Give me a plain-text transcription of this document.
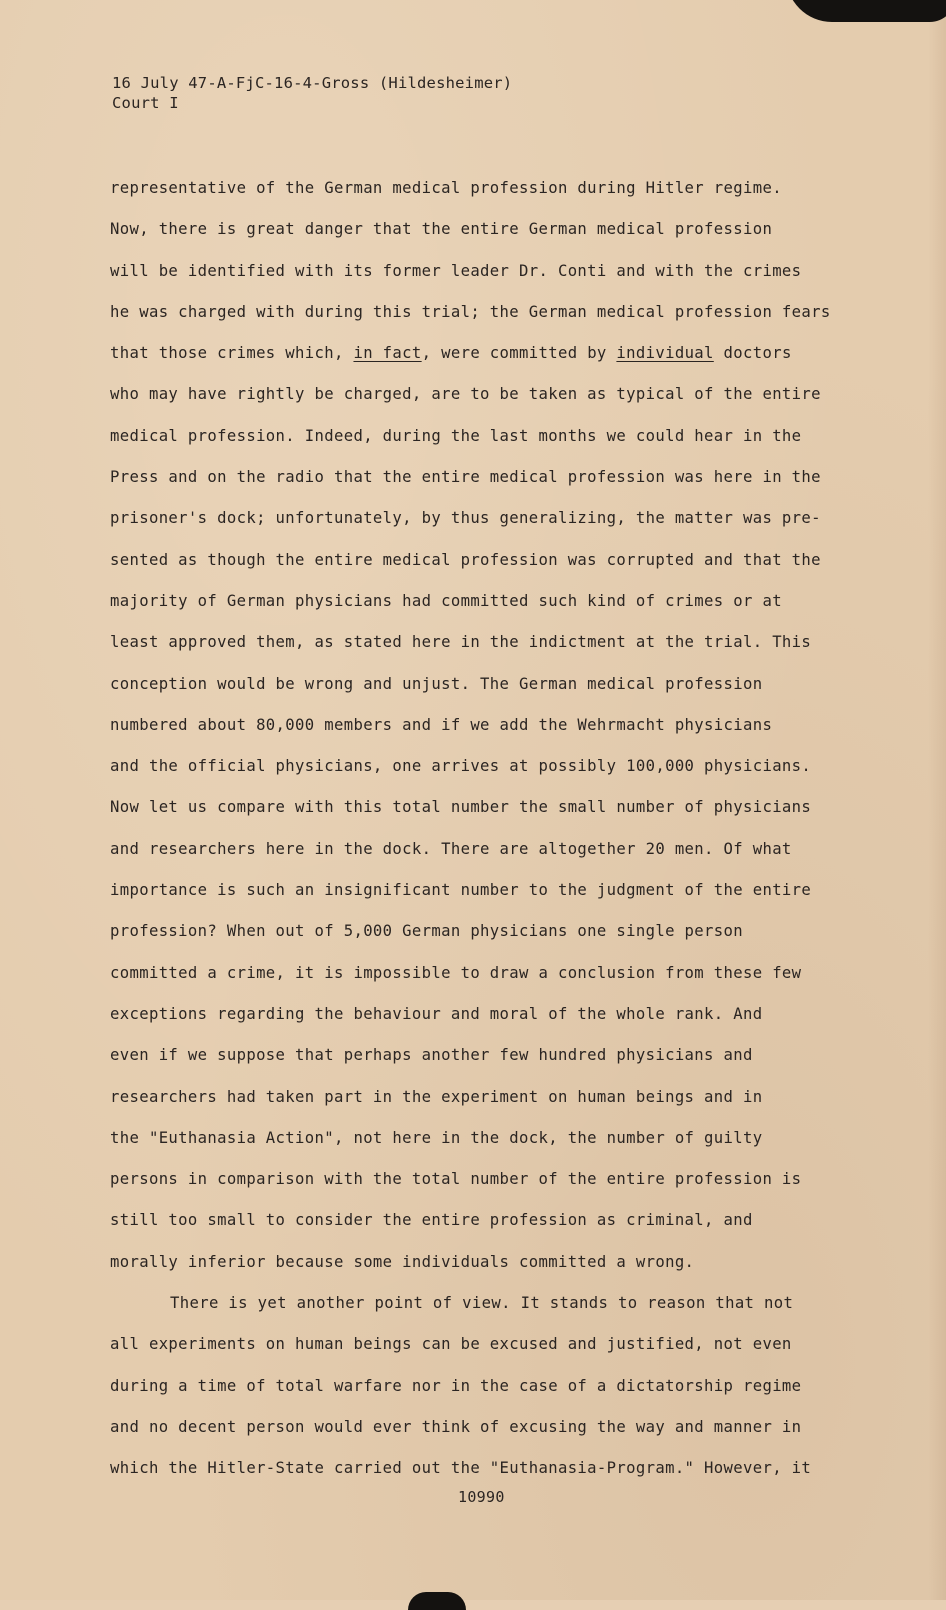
16 July 47-A-FjC-16-4-Gross (Hildesheimer)
Court I
representative of the German medical profession during Hitler regime.
Now, there is great danger that the entire German medical profession
will be identified with its former leader Dr. Conti and with the crimes
he was charged with during this trial; the German medical profession fears
that those crimes which, in fact, were committed by individual doctors
who may have rightly be charged, are to be taken as typical of the entire
medical profession. Indeed, during the last months we could hear in the
Press and on the radio that the entire medical profession was here in the
prisoner's dock; unfortunately, by thus generalizing, the matter was pre-
sented as though the entire medical profession was corrupted and that the
majority of German physicians had committed such kind of crimes or at
least approved them, as stated here in the indictment at the trial. This
conception would be wrong and unjust. The German medical profession
numbered about 80,000 members and if we add the Wehrmacht physicians
and the official physicians, one arrives at possibly 100,000 physicians.
Now let us compare with this total number the small number of physicians
and researchers here in the dock. There are altogether 20 men. Of what
importance is such an insignificant number to the judgment of the entire
profession? When out of 5,000 German physicians one single person
committed a crime, it is impossible to draw a conclusion from these few
exceptions regarding the behaviour and moral of the whole rank. And
even if we suppose that perhaps another few hundred physicians and
researchers had taken part in the experiment on human beings and in
the "Euthanasia Action", not here in the dock, the number of guilty
persons in comparison with the total number of the entire profession is
still too small to consider the entire profession as criminal, and
morally inferior because some individuals committed a wrong.
There is yet another point of view. It stands to reason that not
all experiments on human beings can be excused and justified, not even
during a time of total warfare nor in the case of a dictatorship regime
and no decent person would ever think of excusing the way and manner in
which the Hitler-State carried out the "Euthanasia-Program." However, it
10990
